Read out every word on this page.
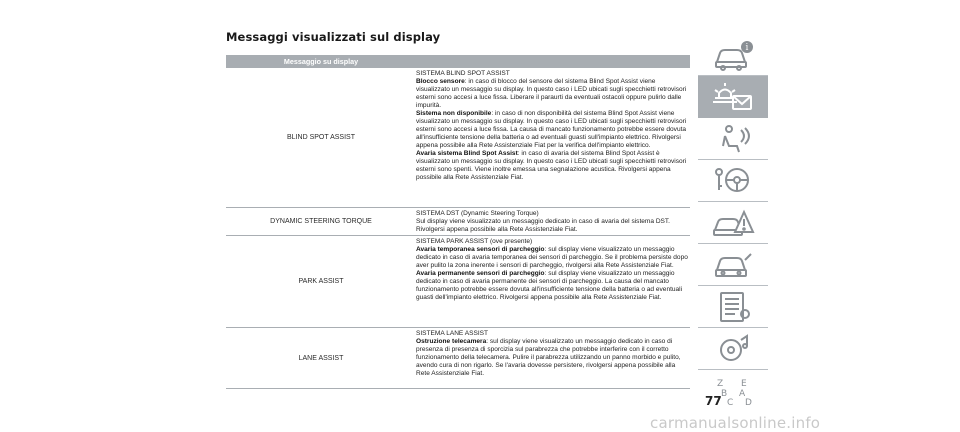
Messaggi visualizzati sul display
Messaggio su display
BLIND SPOT ASSIST

SISTEMA BLIND SPOT ASSIST

Blocco sensore: in caso di blocco del sensore del sistema Blind Spot Assist viene visualizzato un messaggio su display. In questo caso i LED ubicati sugli specchietti retrovisori esterni sono accesi a luce fissa. Liberare il paraurti da eventuali ostacoli oppure pulirlo dalle impurità.

Sistema non disponibile: in caso di non disponibilità del sistema Blind Spot Assist viene visualizzato un messaggio su display. In questo caso i LED ubicati sugli specchietti retrovisori esterni sono accesi a luce fissa. La causa di mancato funzionamento potrebbe essere dovuta all'insufficiente tensione della batteria o ad eventuali guasti sull'impianto elettrico. Rivolgersi appena possibile alla Rete Assistenziale Fiat per la verifica dell'impianto elettrico.

Avaria sistema Blind Spot Assist: in caso di avaria del sistema Blind Spot Assist è visualizzato un messaggio su display. In questo caso i LED ubicati sugli specchietti retrovisori esterni sono spenti. Viene inoltre emessa una segnalazione acustica. Rivolgersi appena possibile alla Rete Assistenziale Fiat.

DYNAMIC STEERING TORQUE

SISTEMA DST (Dynamic Steering Torque)

Sul display viene visualizzato un messaggio dedicato in caso di avaria del sistema DST. Rivolgersi appena possibile alla Rete Assistenziale Fiat.

PARK ASSIST

SISTEMA PARK ASSIST (ove presente)

Avaria temporanea sensori di parcheggio: sul display viene visualizzato un messaggio dedicato in caso di avaria temporanea dei sensori di parcheggio. Se il problema persiste dopo aver pulito la zona inerente i sensori di parcheggio, rivolgersi alla Rete Assistenziale Fiat.

Avaria permanente sensori di parcheggio: sul display viene visualizzato un messaggio dedicato in caso di avaria permanente dei sensori di parcheggio. La causa del mancato funzionamento potrebbe essere dovuta all'insufficiente tensione della batteria o ad eventuali guasti dell'impianto elettrico. Rivolgersi appena possibile alla Rete Assistenziale Fiat.

LANE ASSIST

SISTEMA LANE ASSIST

Ostruzione telecamera: sul display viene visualizzato un messaggio dedicato in caso di presenza di presenza di sporcizia sul parabrezza che potrebbe interferire con il corretto funzionamento della telecamera. Pulire il parabrezza utilizzando un panno morbido e pulito, avendo cura di non rigarlo. Se l'avaria dovesse persistere, rivolgersi appena possibile alla Rete Assistenziale Fiat.

i
Z E
B A
C D
77
carmanualsonline.info
